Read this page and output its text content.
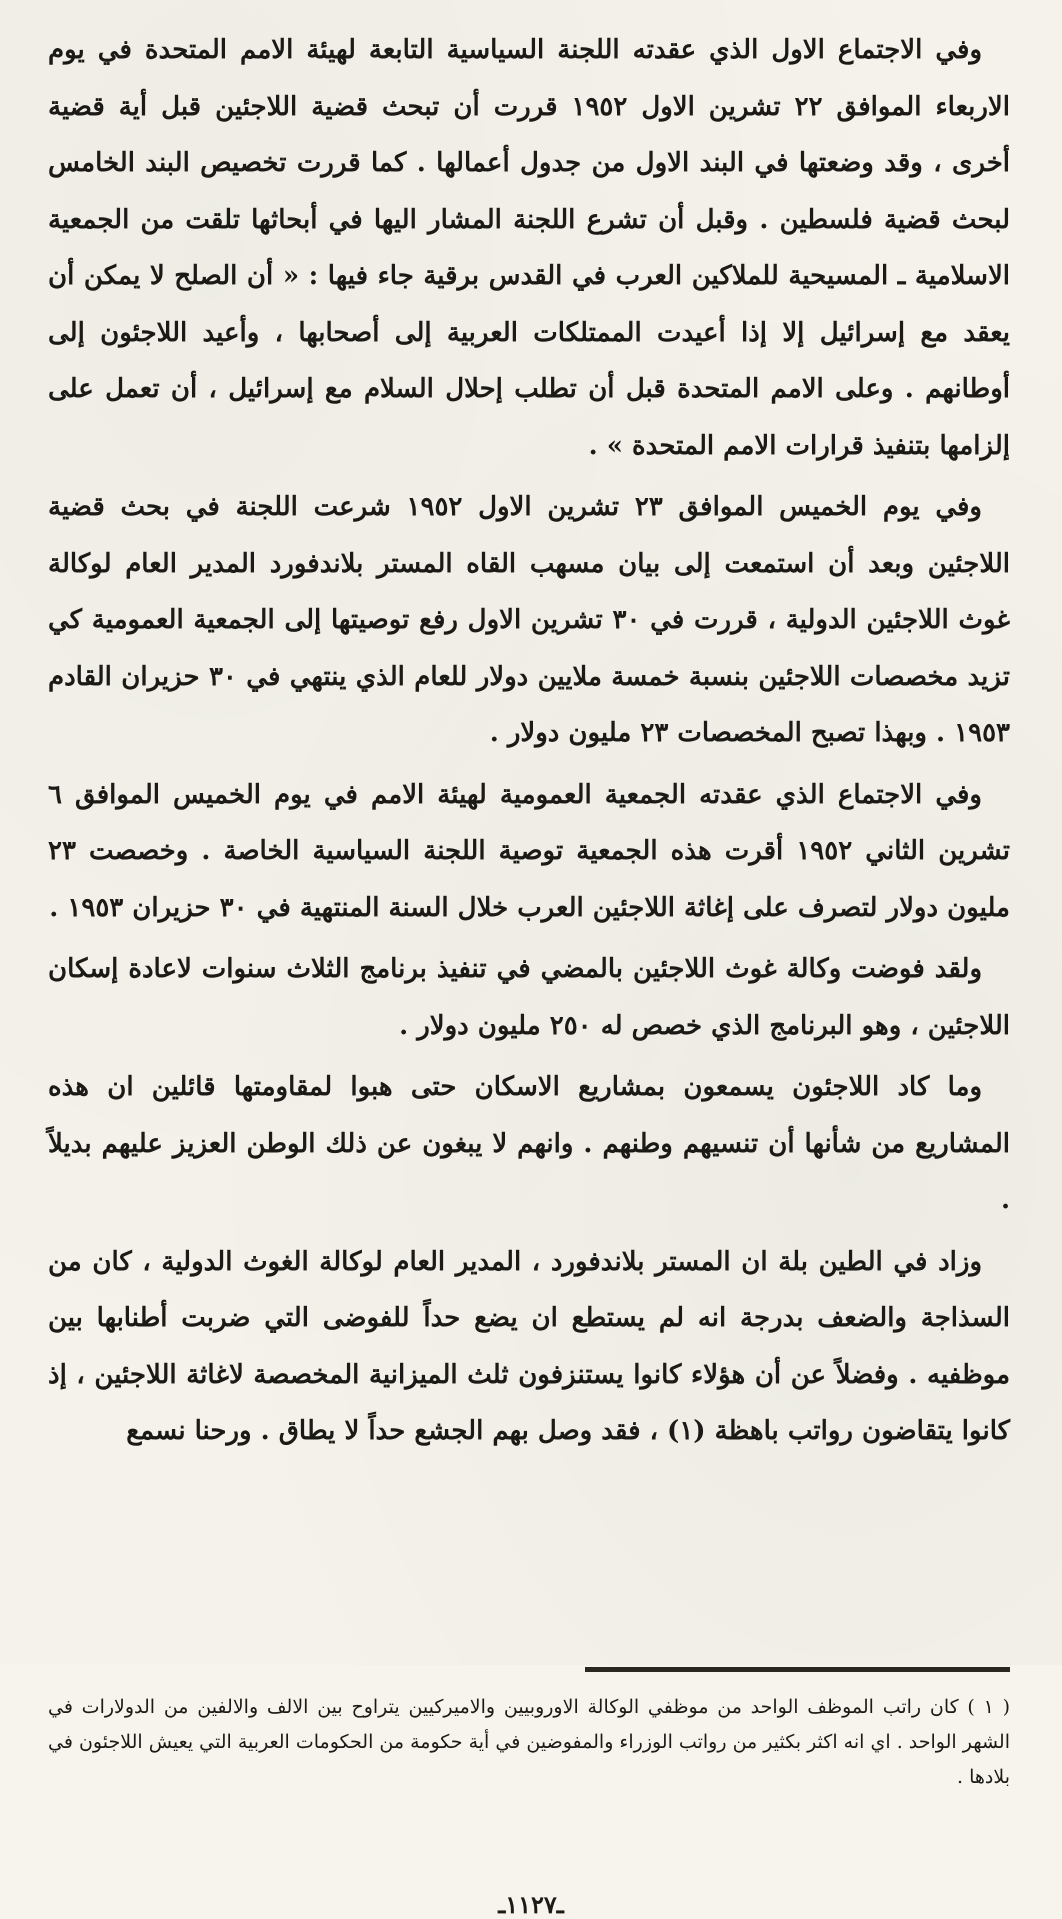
وفي الاجتماع الاول الذي عقدته اللجنة السياسية التابعة لهيئة الامم المتحدة في يوم الاربعاء الموافق ٢٢ تشرين الاول ١٩٥٢ قررت أن تبحث قضية اللاجئين قبل أية قضية أخرى ، وقد وضعتها في البند الاول من جدول أعمالها . كما قررت تخصيص البند الخامس لبحث قضية فلسطين . وقبل أن تشرع اللجنة المشار اليها في أبحاثها تلقت من الجمعية الاسلامية ـ المسيحية للملاكين العرب في القدس برقية جاء فيها : « أن الصلح لا يمكن أن يعقد مع إسرائيل إلا إذا أعيدت الممتلكات العربية إلى أصحابها ، وأعيد اللاجئون إلى أوطانهم . وعلى الامم المتحدة قبل أن تطلب إحلال السلام مع إسرائيل ، أن تعمل على إلزامها بتنفيذ قرارات الامم المتحدة » .

وفي يوم الخميس الموافق ٢٣ تشرين الاول ١٩٥٢ شرعت اللجنة في بحث قضية اللاجئين وبعد أن استمعت إلى بيان مسهب القاه المستر بلاندفورد المدير العام لوكالة غوث اللاجئين الدولية ، قررت في ٣٠ تشرين الاول رفع توصيتها إلى الجمعية العمومية كي تزيد مخصصات اللاجئين بنسبة خمسة ملايين دولار للعام الذي ينتهي في ٣٠ حزيران القادم ١٩٥٣ . وبهذا تصبح المخصصات ٢٣ مليون دولار .

وفي الاجتماع الذي عقدته الجمعية العمومية لهيئة الامم في يوم الخميس الموافق ٦ تشرين الثاني ١٩٥٢ أقرت هذه الجمعية توصية اللجنة السياسية الخاصة . وخصصت ٢٣ مليون دولار لتصرف على إغاثة اللاجئين العرب خلال السنة المنتهية في ٣٠ حزيران ١٩٥٣ .

ولقد فوضت وكالة غوث اللاجئين بالمضي في تنفيذ برنامج الثلاث سنوات لاعادة إسكان اللاجئين ، وهو البرنامج الذي خصص له ٢٥٠ مليون دولار .

وما كاد اللاجئون يسمعون بمشاريع الاسكان حتى هبوا لمقاومتها قائلين ان هذه المشاريع من شأنها أن تنسيهم وطنهم . وانهم لا يبغون عن ذلك الوطن العزيز عليهم بديلاً .

وزاد في الطين بلة ان المستر بلاندفورد ، المدير العام لوكالة الغوث الدولية ، كان من السذاجة والضعف بدرجة انه لم يستطع ان يضع حداً للفوضى التي ضربت أطنابها بين موظفيه . وفضلاً عن أن هؤلاء كانوا يستنزفون ثلث الميزانية المخصصة لاغاثة اللاجئين ، إذ كانوا يتقاضون رواتب باهظة (١) ، فقد وصل بهم الجشع حداً لا يطاق . ورحنا نسمع

( ١ ) كان راتب الموظف الواحد من موظفي الوكالة الاوروبيين والاميركيين يتراوح بين الالف والالفين من الدولارات في الشهر الواحد . اي انه اكثر بكثير من رواتب الوزراء والمفوضين في أية حكومة من الحكومات العربية التي يعيش اللاجئون في بلادها .

ـ١١٢٧ـ
